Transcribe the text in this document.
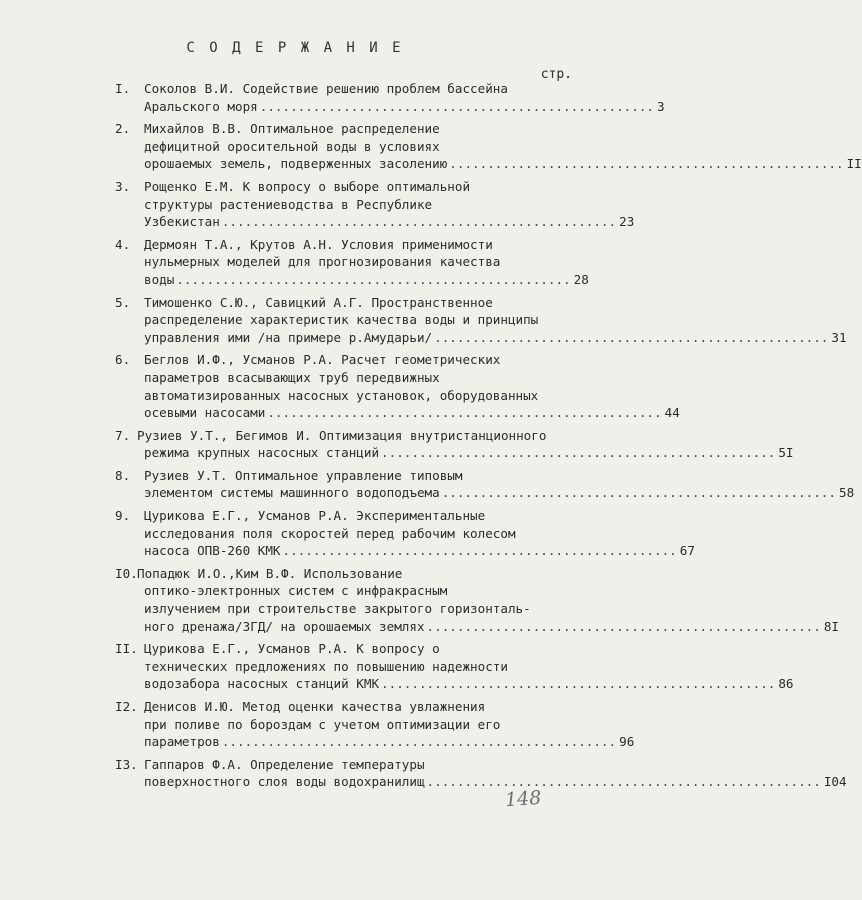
С О Д Е Р Ж А Н И Е
стр.
I. Соколов В.И. Содействие решению проблем бассейна
Аральского моря .................................................... 3
2. Михайлов В.В. Оптимальное распределение
дефицитной оросительной воды в условиях
орошаемых земель, подверженных засолению .................................................... II
3. Рощенко Е.М. К вопросу о выборе оптимальной
структуры растениеводства в Республике
Узбекистан .................................................... 23
4. Дермоян Т.А., Крутов А.Н. Условия применимости
нульмерных моделей для прогнозирования качества
воды .................................................... 28
5. Тимошенко С.Ю., Савицкий А.Г. Пространственное
распределение характеристик качества воды и принципы
управления ими /на примере р.Амударьи/ .................................................... 31
6. Беглов И.Ф., Усманов Р.А. Расчет геометрических
параметров всасывающих труб передвижных
автоматизированных насосных установок, оборудованных
осевыми насосами .................................................... 44
7. Рузиев У.Т., Бегимов И. Оптимизация внутристанционного
режима крупных насосных станций .................................................... 5I
8. Рузиев У.Т. Оптимальное управление типовым
элементом системы машинного водоподъема .................................................... 58
9. Цурикова Е.Г., Усманов Р.А. Экспериментальные
исследования поля скоростей перед рабочим колесом
насоса ОПВ-260 КМК .................................................... 67
I0.Попадюк И.О.,Ким В.Ф. Использование
оптико-электронных систем с инфракрасным
излучением при строительстве закрытого горизонталь-
ного дренажа/ЗГД/ на орошаемых землях .................................................... 8I
II. Цурикова Е.Г., Усманов Р.А. К вопросу о
технических предложениях по повышению надежности
водозабора насосных станций КМК .................................................... 86
I2. Денисов И.Ю. Метод оценки качества увлажнения
при поливе по бороздам с учетом оптимизации его
параметров .................................................... 96
I3. Гаппаров Ф.А. Определение температуры
поверхностного слоя воды водохранилищ .................................................... I04
148
